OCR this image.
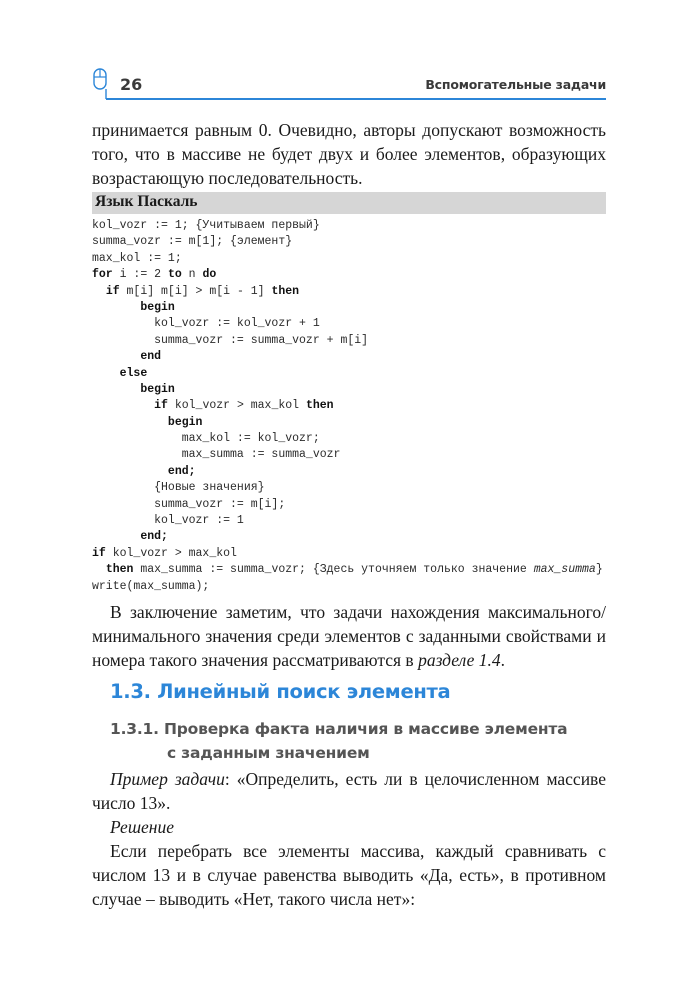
26	Вспомогательные задачи

принимается равным 0. Очевидно, авторы допускают возможность того, что в массиве не будет двух и более элементов, образующих возрастающую последовательность.

Язык Паскаль
kol_vozr := 1; {Учитываем первый}
summa_vozr := m[1]; {элемент}
max_kol := 1;
for i := 2 to n do
if m[i] m[i] > m[i - 1] then
begin
kol_vozr := kol_vozr + 1
summa_vozr := summa_vozr + m[i]
end
else
begin
if kol_vozr > max_kol then
begin
max_kol := kol_vozr;
max_summa := summa_vozr
end;
{Новые значения}
summa_vozr := m[i];
kol_vozr := 1
end;
if kol_vozr > max_kol
then max_summa := summa_vozr; {Здесь уточняем только значение max_summa}
write(max_summa);

В заключение заметим, что задачи нахождения максимального/минимального значения среди элементов с заданными свойствами и номера такого значения рассматриваются в разделе 1.4.

1.3. Линейный поиск элемента
1.3.1. Проверка факта наличия в массиве элемента
с заданным значением

Пример задачи: «Определить, есть ли в целочисленном массиве число 13».

Решение

Если перебрать все элементы массива, каждый сравнивать с числом 13 и в случае равенства выводить «Да, есть», в противном случае – выводить «Нет, такого числа нет»:
